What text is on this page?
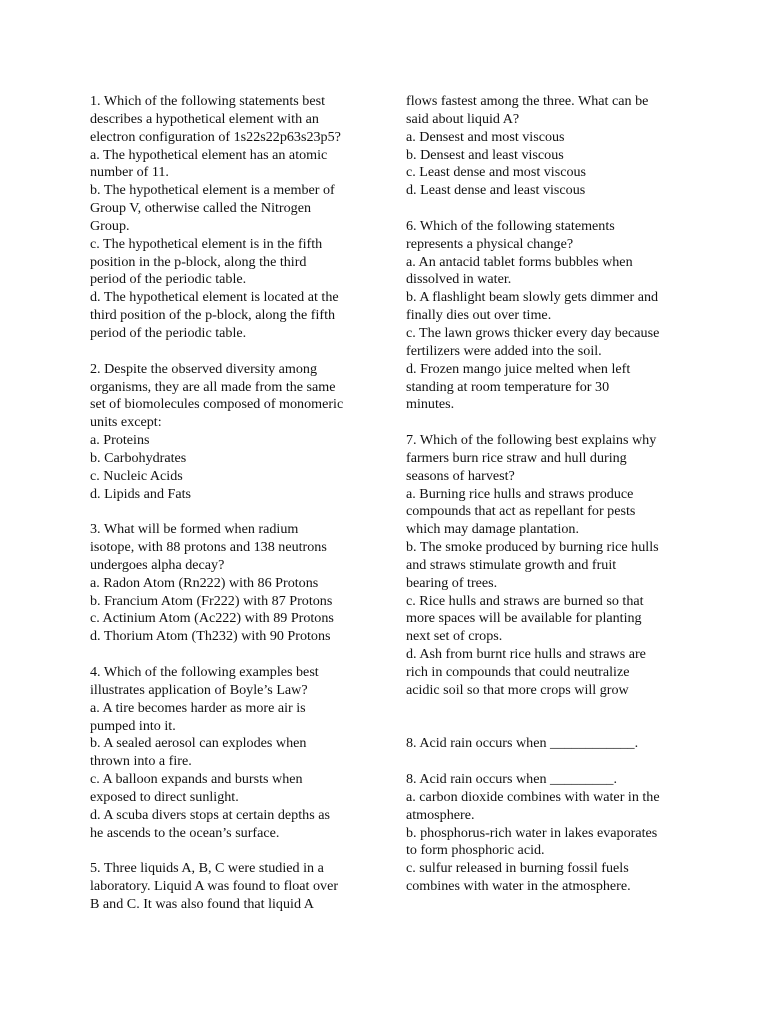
1. Which of the following statements best
describes a hypothetical element with an
electron configuration of 1s22s22p63s23p5?
a. The hypothetical element has an atomic
number of 11.
b. The hypothetical element is a member of
Group V, otherwise called the Nitrogen
Group.
c. The hypothetical element is in the fifth
position in the p-block, along the third
period of the periodic table.
d. The hypothetical element is located at the
third position of the p-block, along the fifth
period of the periodic table.
2. Despite the observed diversity among
organisms, they are all made from the same
set of biomolecules composed of monomeric
units except:
a. Proteins
b. Carbohydrates
c. Nucleic Acids
d. Lipids and Fats
3. What will be formed when radium
isotope, with 88 protons and 138 neutrons
undergoes alpha decay?
a. Radon Atom (Rn222) with 86 Protons
b. Francium Atom (Fr222) with 87 Protons
c. Actinium Atom (Ac222) with 89 Protons
d. Thorium Atom (Th232) with 90 Protons
4. Which of the following examples best
illustrates application of Boyle’s Law?
a. A tire becomes harder as more air is
pumped into it.
b. A sealed aerosol can explodes when
thrown into a fire.
c. A balloon expands and bursts when
exposed to direct sunlight.
d. A scuba divers stops at certain depths as
he ascends to the ocean’s surface.
5. Three liquids A, B, C were studied in a
laboratory. Liquid A was found to float over
B and C. It was also found that liquid A
flows fastest among the three. What can be
said about liquid A?
a. Densest and most viscous
b. Densest and least viscous
c. Least dense and most viscous
d. Least dense and least viscous
6. Which of the following statements
represents a physical change?
a. An antacid tablet forms bubbles when
dissolved in water.
b. A flashlight beam slowly gets dimmer and
finally dies out over time.
c. The lawn grows thicker every day because
fertilizers were added into the soil.
d. Frozen mango juice melted when left
standing at room temperature for 30
minutes.
7. Which of the following best explains why
farmers burn rice straw and hull during
seasons of harvest?
a. Burning rice hulls and straws produce
compounds that act as repellant for pests
which may damage plantation.
b. The smoke produced by burning rice hulls
and straws stimulate growth and fruit
bearing of trees.
c. Rice hulls and straws are burned so that
more spaces will be available for planting
next set of crops.
d. Ash from burnt rice hulls and straws are
rich in compounds that could neutralize
acidic soil so that more crops will grow
8. Acid rain occurs when ____________.
8. Acid rain occurs when _________.
a. carbon dioxide combines with water in the
atmosphere.
b. phosphorus-rich water in lakes evaporates
to form phosphoric acid.
c. sulfur released in burning fossil fuels
combines with water in the atmosphere.
